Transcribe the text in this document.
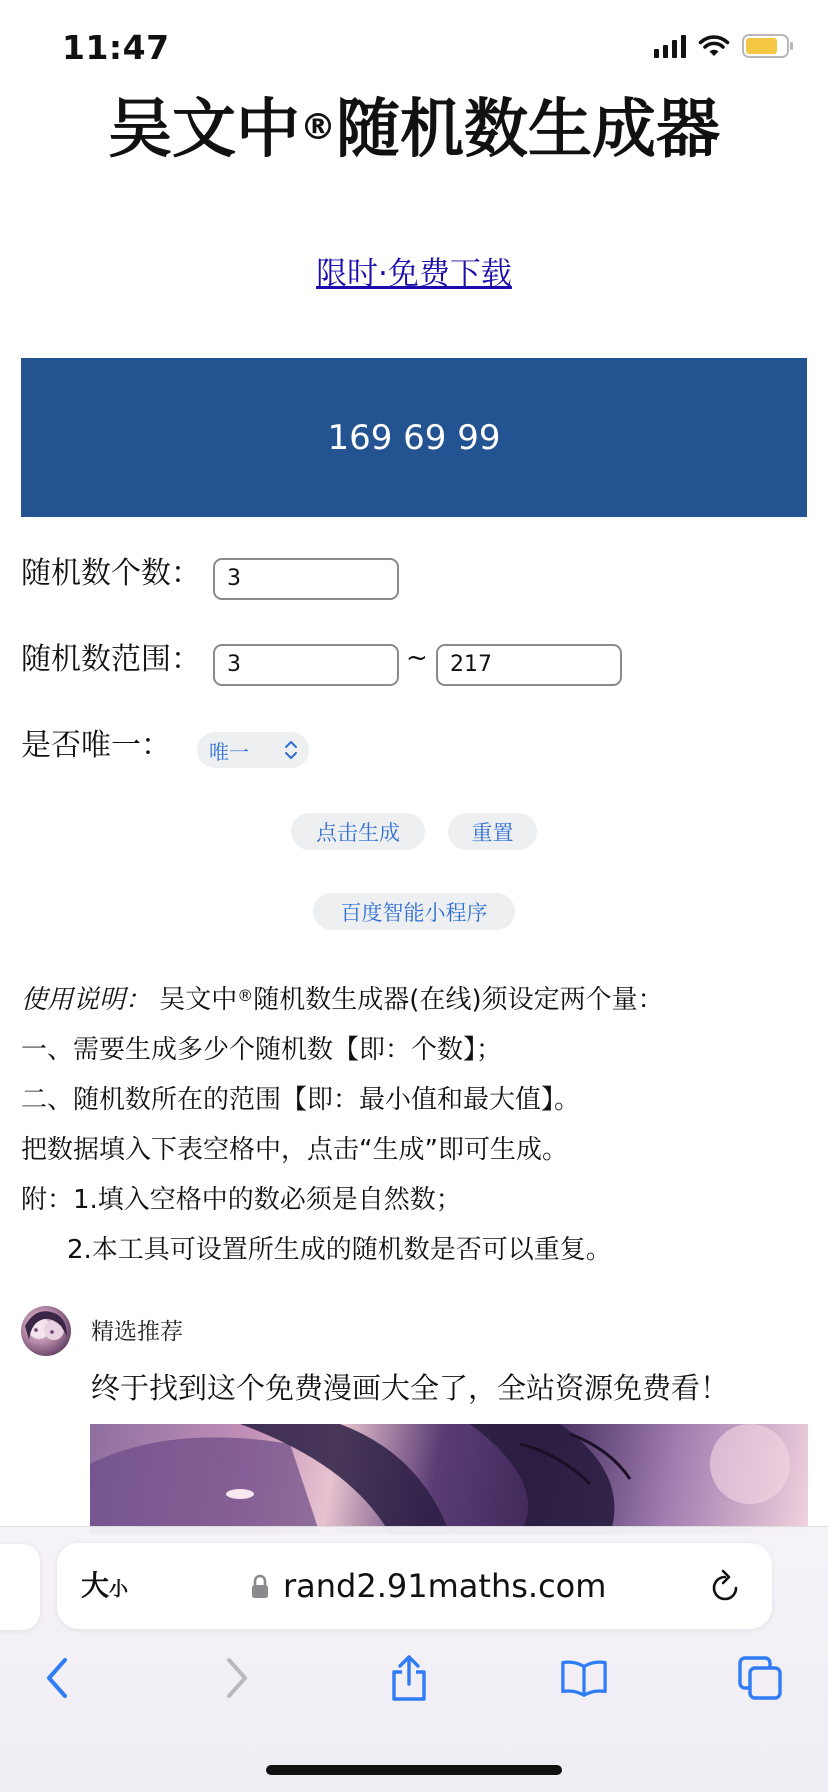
11:47
吴文中®随机数生成器
限时·免费下载
169 69 99
随机数个数：	3
随机数范围：	3	~	217
是否唯一： 唯一
点击生成	重置
百度智能小程序
使用说明： 吴文中®随机数生成器(在线)须设定两个量：
一、需要生成多少个随机数【即：个数】；
二、随机数所在的范围【即：最小值和最大值】。
把数据填入下表空格中，点击“生成”即可生成。
附：1.填入空格中的数必须是自然数；
2.本工具可设置所生成的随机数是否可以重复。
精选推荐
终于找到这个免费漫画大全了，全站资源免费看！
大小	rand2.91maths.com
